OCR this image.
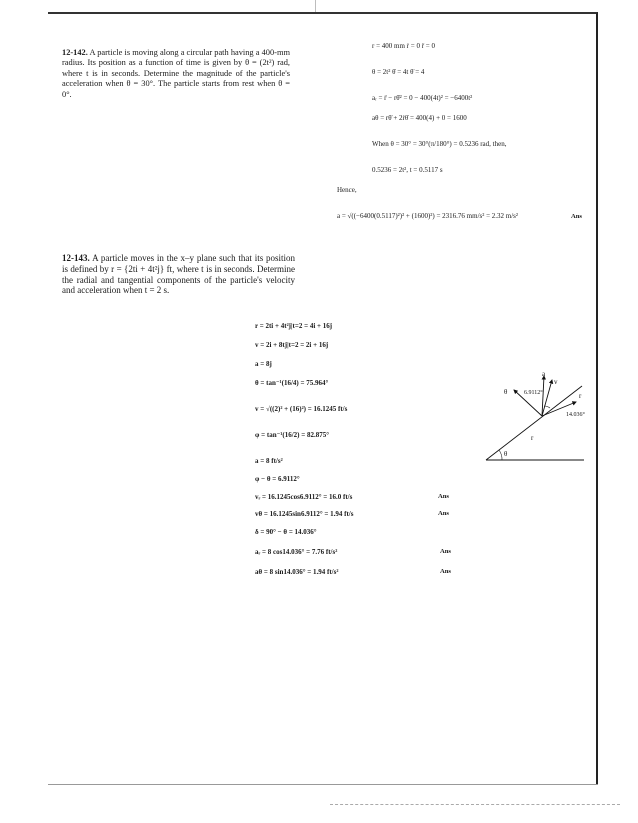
12-142. A particle is moving along a circular path having a 400-mm radius. Its position as a function of time is given by θ = (2t²) rad, where t is in seconds. Determine the magnitude of the particle's acceleration when θ = 30°. The particle starts from rest when θ = 0°.
r = 400 mm ṙ = 0 r̈ = 0
θ = 2t² θ̇ = 4t θ̈ = 4
aᵣ = r̈ − rθ̇² = 0 − 400(4t)² = −6400t²
aθ = rθ̈ + 2ṙθ̇ = 400(4) + 0 = 1600
When θ = 30° = 30°(π/180°) = 0.5236 rad, then,
0.5236 = 2t², t = 0.5117 s
Hence,
a = √((−6400(0.5117)²)² + (1600)²) = 2316.76 mm/s² = 2.32 m/s²	Ans
12-143. A particle moves in the x–y plane such that its position is defined by r = {2ti + 4t²j} ft, where t is in seconds. Determine the radial and tangential components of the particle's velocity and acceleration when t = 2 s.
r = 2ti + 4t²j|t=2 = 4i + 16j
v = 2i + 8tj|t=2 = 2i + 16j
a = 8j
θ = tan⁻¹(16/4) = 75.964°
v = √((2)² + (16)²) = 16.1245 ft/s
φ = tan⁻¹(16/2) = 82.875°
a = 8 ft/s²
φ − θ = 6.9112°
vᵣ = 16.1245cos6.9112° = 16.0 ft/s
vθ = 16.1245sin6.9112° = 1.94 ft/s
δ = 90° − θ = 14.036°
aᵣ = 8 cos14.036° = 7.76 ft/s²
aθ = 8 sin14.036° = 1.94 ft/s²
Ans
Ans
Ans
Ans
a
θ	r
v
6.9112°
14.036°
r
θ
